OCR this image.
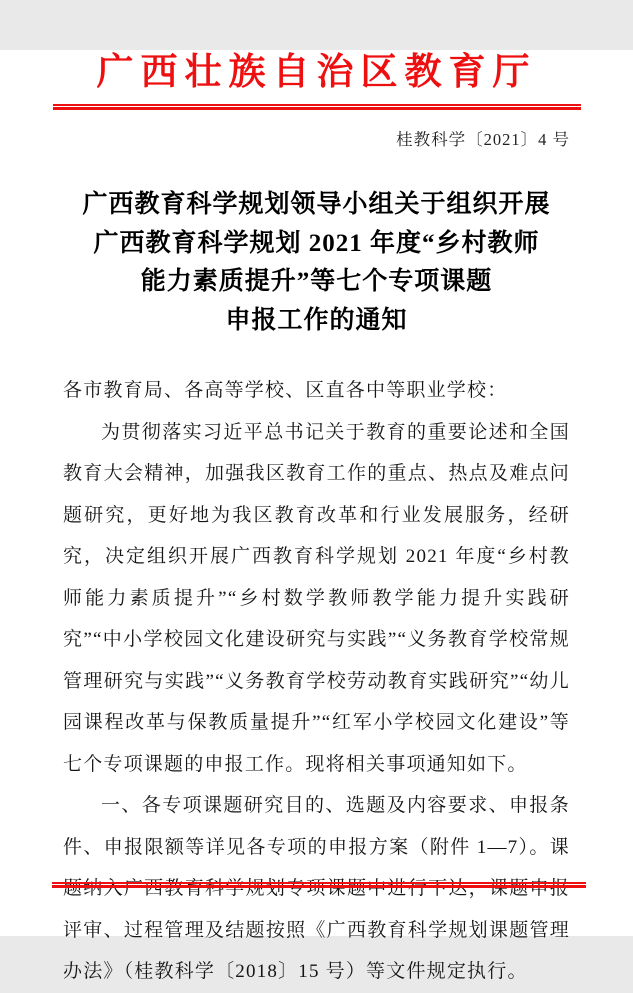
广西壮族自治区教育厅
桂教科学〔2021〕4 号
广西教育科学规划领导小组关于组织开展
广西教育科学规划 2021 年度“乡村教师
能力素质提升”等七个专项课题
申报工作的通知

各市教育局、各高等学校、区直各中等职业学校：

为贯彻落实习近平总书记关于教育的重要论述和全国教育大会精神，加强我区教育工作的重点、热点及难点问题研究，更好地为我区教育改革和行业发展服务，经研究，决定组织开展广西教育科学规划 2021 年度“乡村教师能力素质提升”“乡村数学教师教学能力提升实践研究”“中小学校园文化建设研究与实践”“义务教育学校常规管理研究与实践”“义务教育学校劳动教育实践研究”“幼儿园课程改革与保教质量提升”“红军小学校园文化建设”等七个专项课题的申报工作。现将相关事项通知如下。

一、各专项课题研究目的、选题及内容要求、申报条件、申报限额等详见各专项的申报方案（附件 1—7）。课题纳入广西教育科学规划专项课题中进行下达，课题申报评审、过程管理及结题按照《广西教育科学规划课题管理办法》（桂教科学〔2018〕15 号）等文件规定执行。
